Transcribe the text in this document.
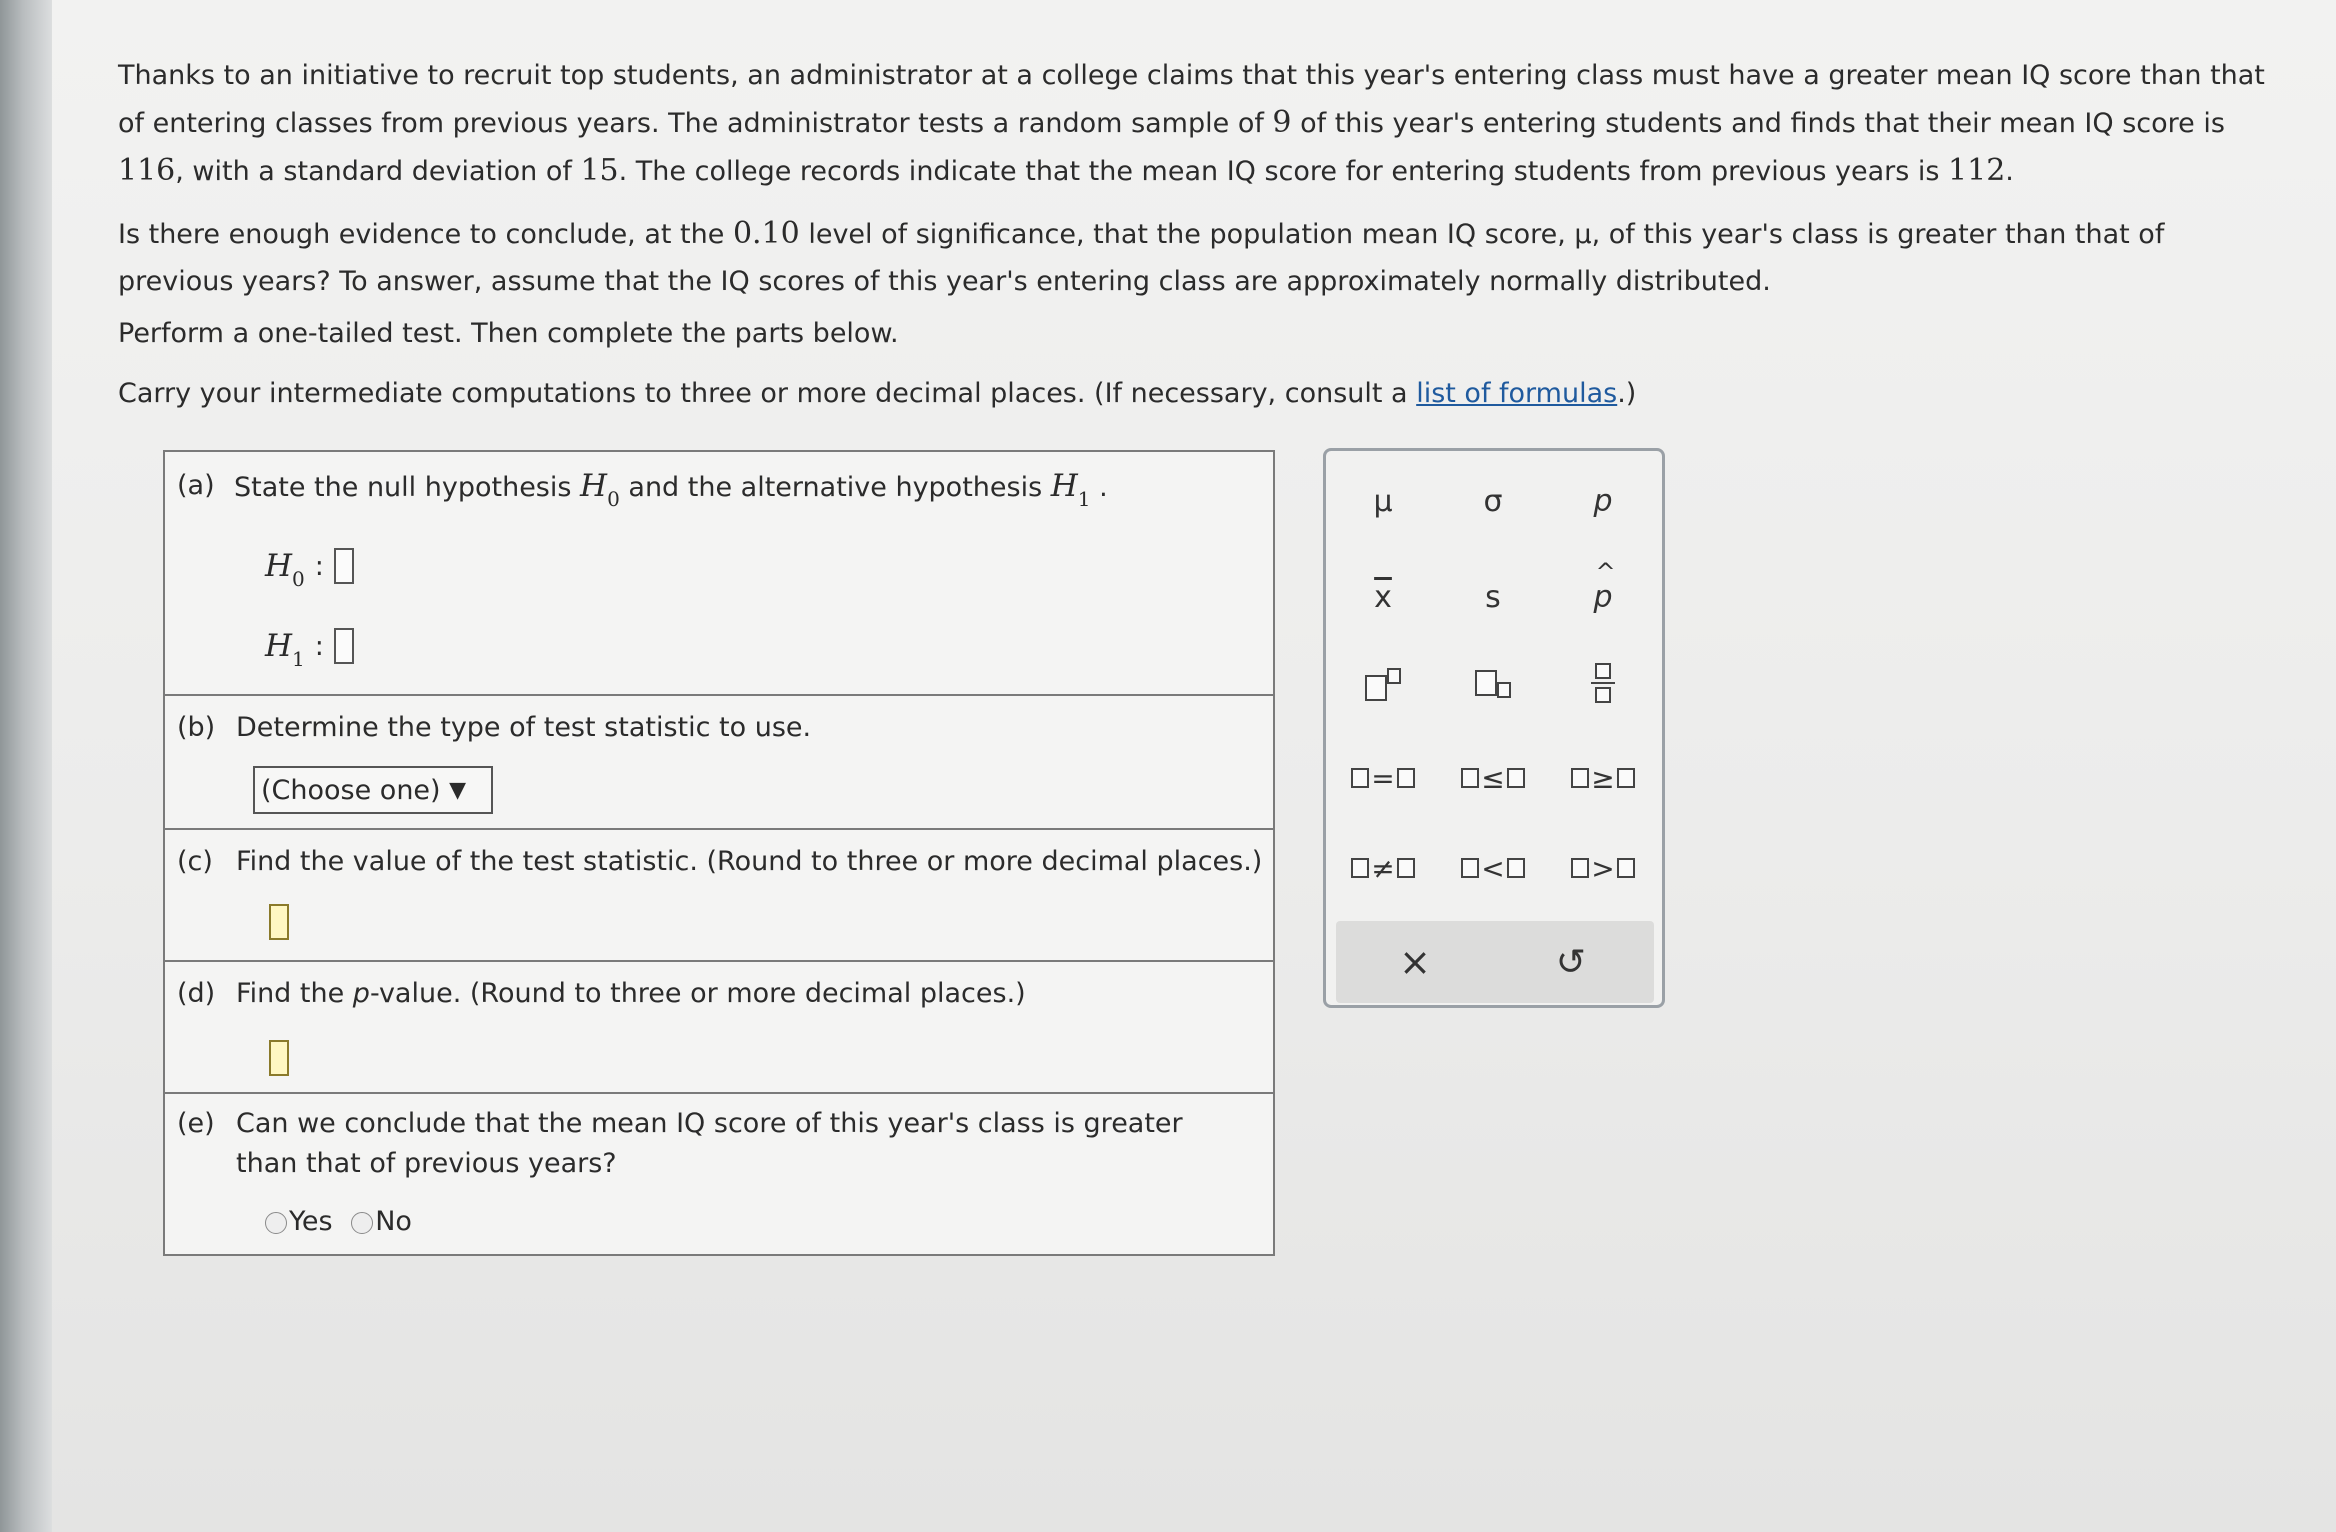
Thanks to an initiative to recruit top students, an administrator at a college claims that this year's entering class must have a greater mean IQ score than that of entering classes from previous years. The administrator tests a random sample of 9 of this year's entering students and finds that their mean IQ score is 116, with a standard deviation of 15. The college records indicate that the mean IQ score for entering students from previous years is 112.

Is there enough evidence to conclude, at the 0.10 level of significance, that the population mean IQ score, μ, of this year's class is greater than that of previous years? To answer, assume that the IQ scores of this year's entering class are approximately normally distributed.

Perform a one-tailed test. Then complete the parts below.

Carry your intermediate computations to three or more decimal places. (If necessary, consult a list of formulas.)

(a) State the null hypothesis $H_0$ and the alternative hypothesis $H_1$ .
$H_0$ :
$H_1$ :
(b) Determine the type of test statistic to use.
(Choose one)
▼
(c) Find the value of the test statistic. (Round to three or more decimal places.)
(d) Find the p-value. (Round to three or more decimal places.)
(e) Can we conclude that the mean IQ score of this year's class is greater than that of previous years?
Yes No
μ	σ	p
$\overline{x}$	s
^
p
=	≤	≥
≠	<	>
×	↺
